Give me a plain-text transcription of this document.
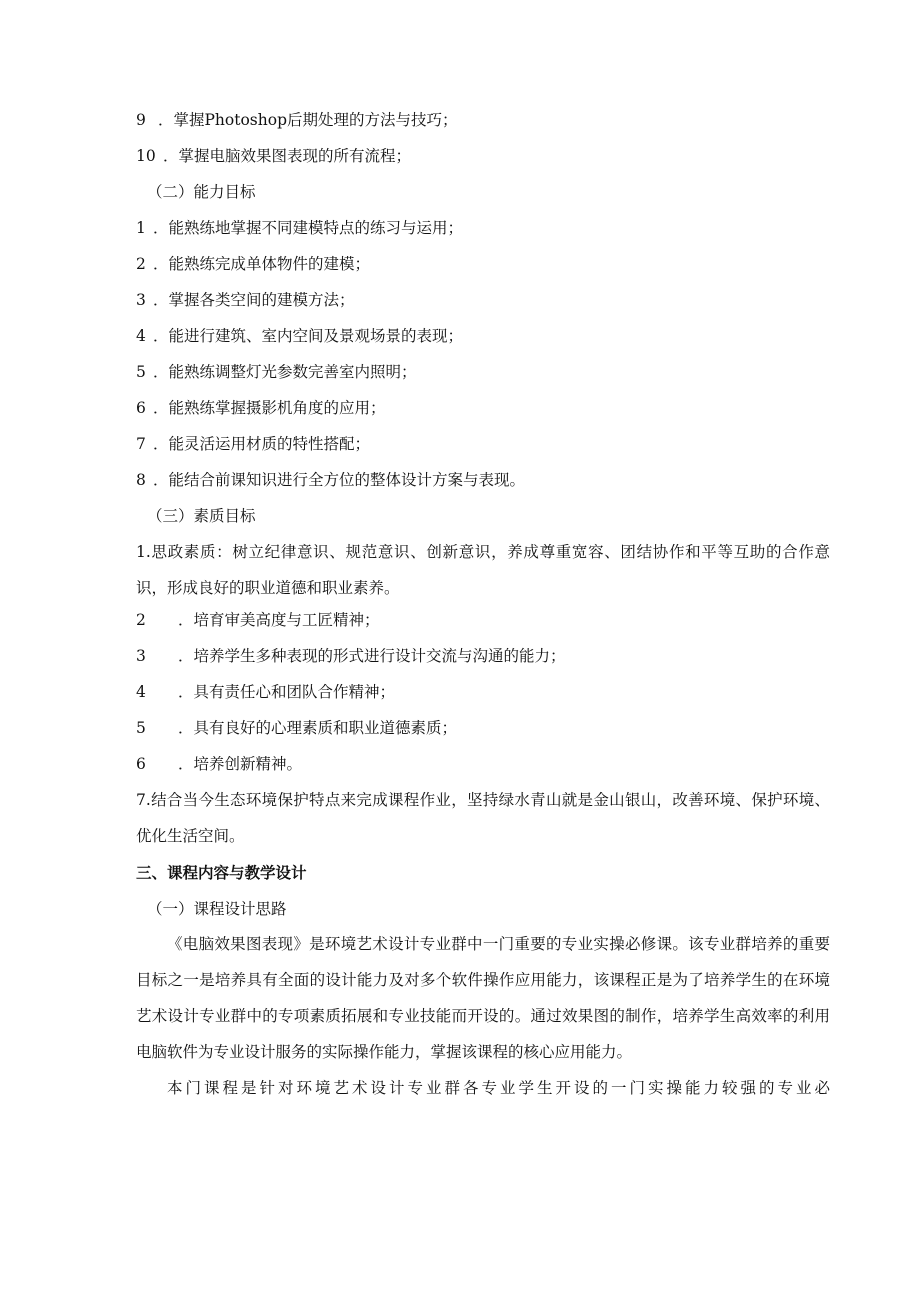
9 ．掌握Photoshop后期处理的方法与技巧；
10 ．掌握电脑效果图表现的所有流程；
（二）能力目标
1 ．能熟练地掌握不同建模特点的练习与运用；
2 ．能熟练完成单体物件的建模；
3 ．掌握各类空间的建模方法；
4 ．能进行建筑、室内空间及景观场景的表现；
5 ．能熟练调整灯光参数完善室内照明；
6 ．能熟练掌握摄影机角度的应用；
7 ．能灵活运用材质的特性搭配；
8 ．能结合前课知识进行全方位的整体设计方案与表现。
（三）素质目标
1.思政素质：树立纪律意识、规范意识、创新意识，养成尊重宽容、团结协作和平等互助的合作意识，形成良好的职业道德和职业素养。
2 ．培育审美高度与工匠精神；
3 ．培养学生多种表现的形式进行设计交流与沟通的能力；
4 ．具有责任心和团队合作精神；
5 ．具有良好的心理素质和职业道德素质；
6 ．培养创新精神。
7.结合当今生态环境保护特点来完成课程作业，坚持绿水青山就是金山银山，改善环境、保护环境、优化生活空间。
三、课程内容与教学设计
（一）课程设计思路
《电脑效果图表现》是环境艺术设计专业群中一门重要的专业实操必修课。该专业群培养的重要目标之一是培养具有全面的设计能力及对多个软件操作应用能力，该课程正是为了培养学生的在环境艺术设计专业群中的专项素质拓展和专业技能而开设的。通过效果图的制作，培养学生高效率的利用电脑软件为专业设计服务的实际操作能力，掌握该课程的核心应用能力。
本门课程是针对环境艺术设计专业群各专业学生开设的一门实操能力较强的专业必
